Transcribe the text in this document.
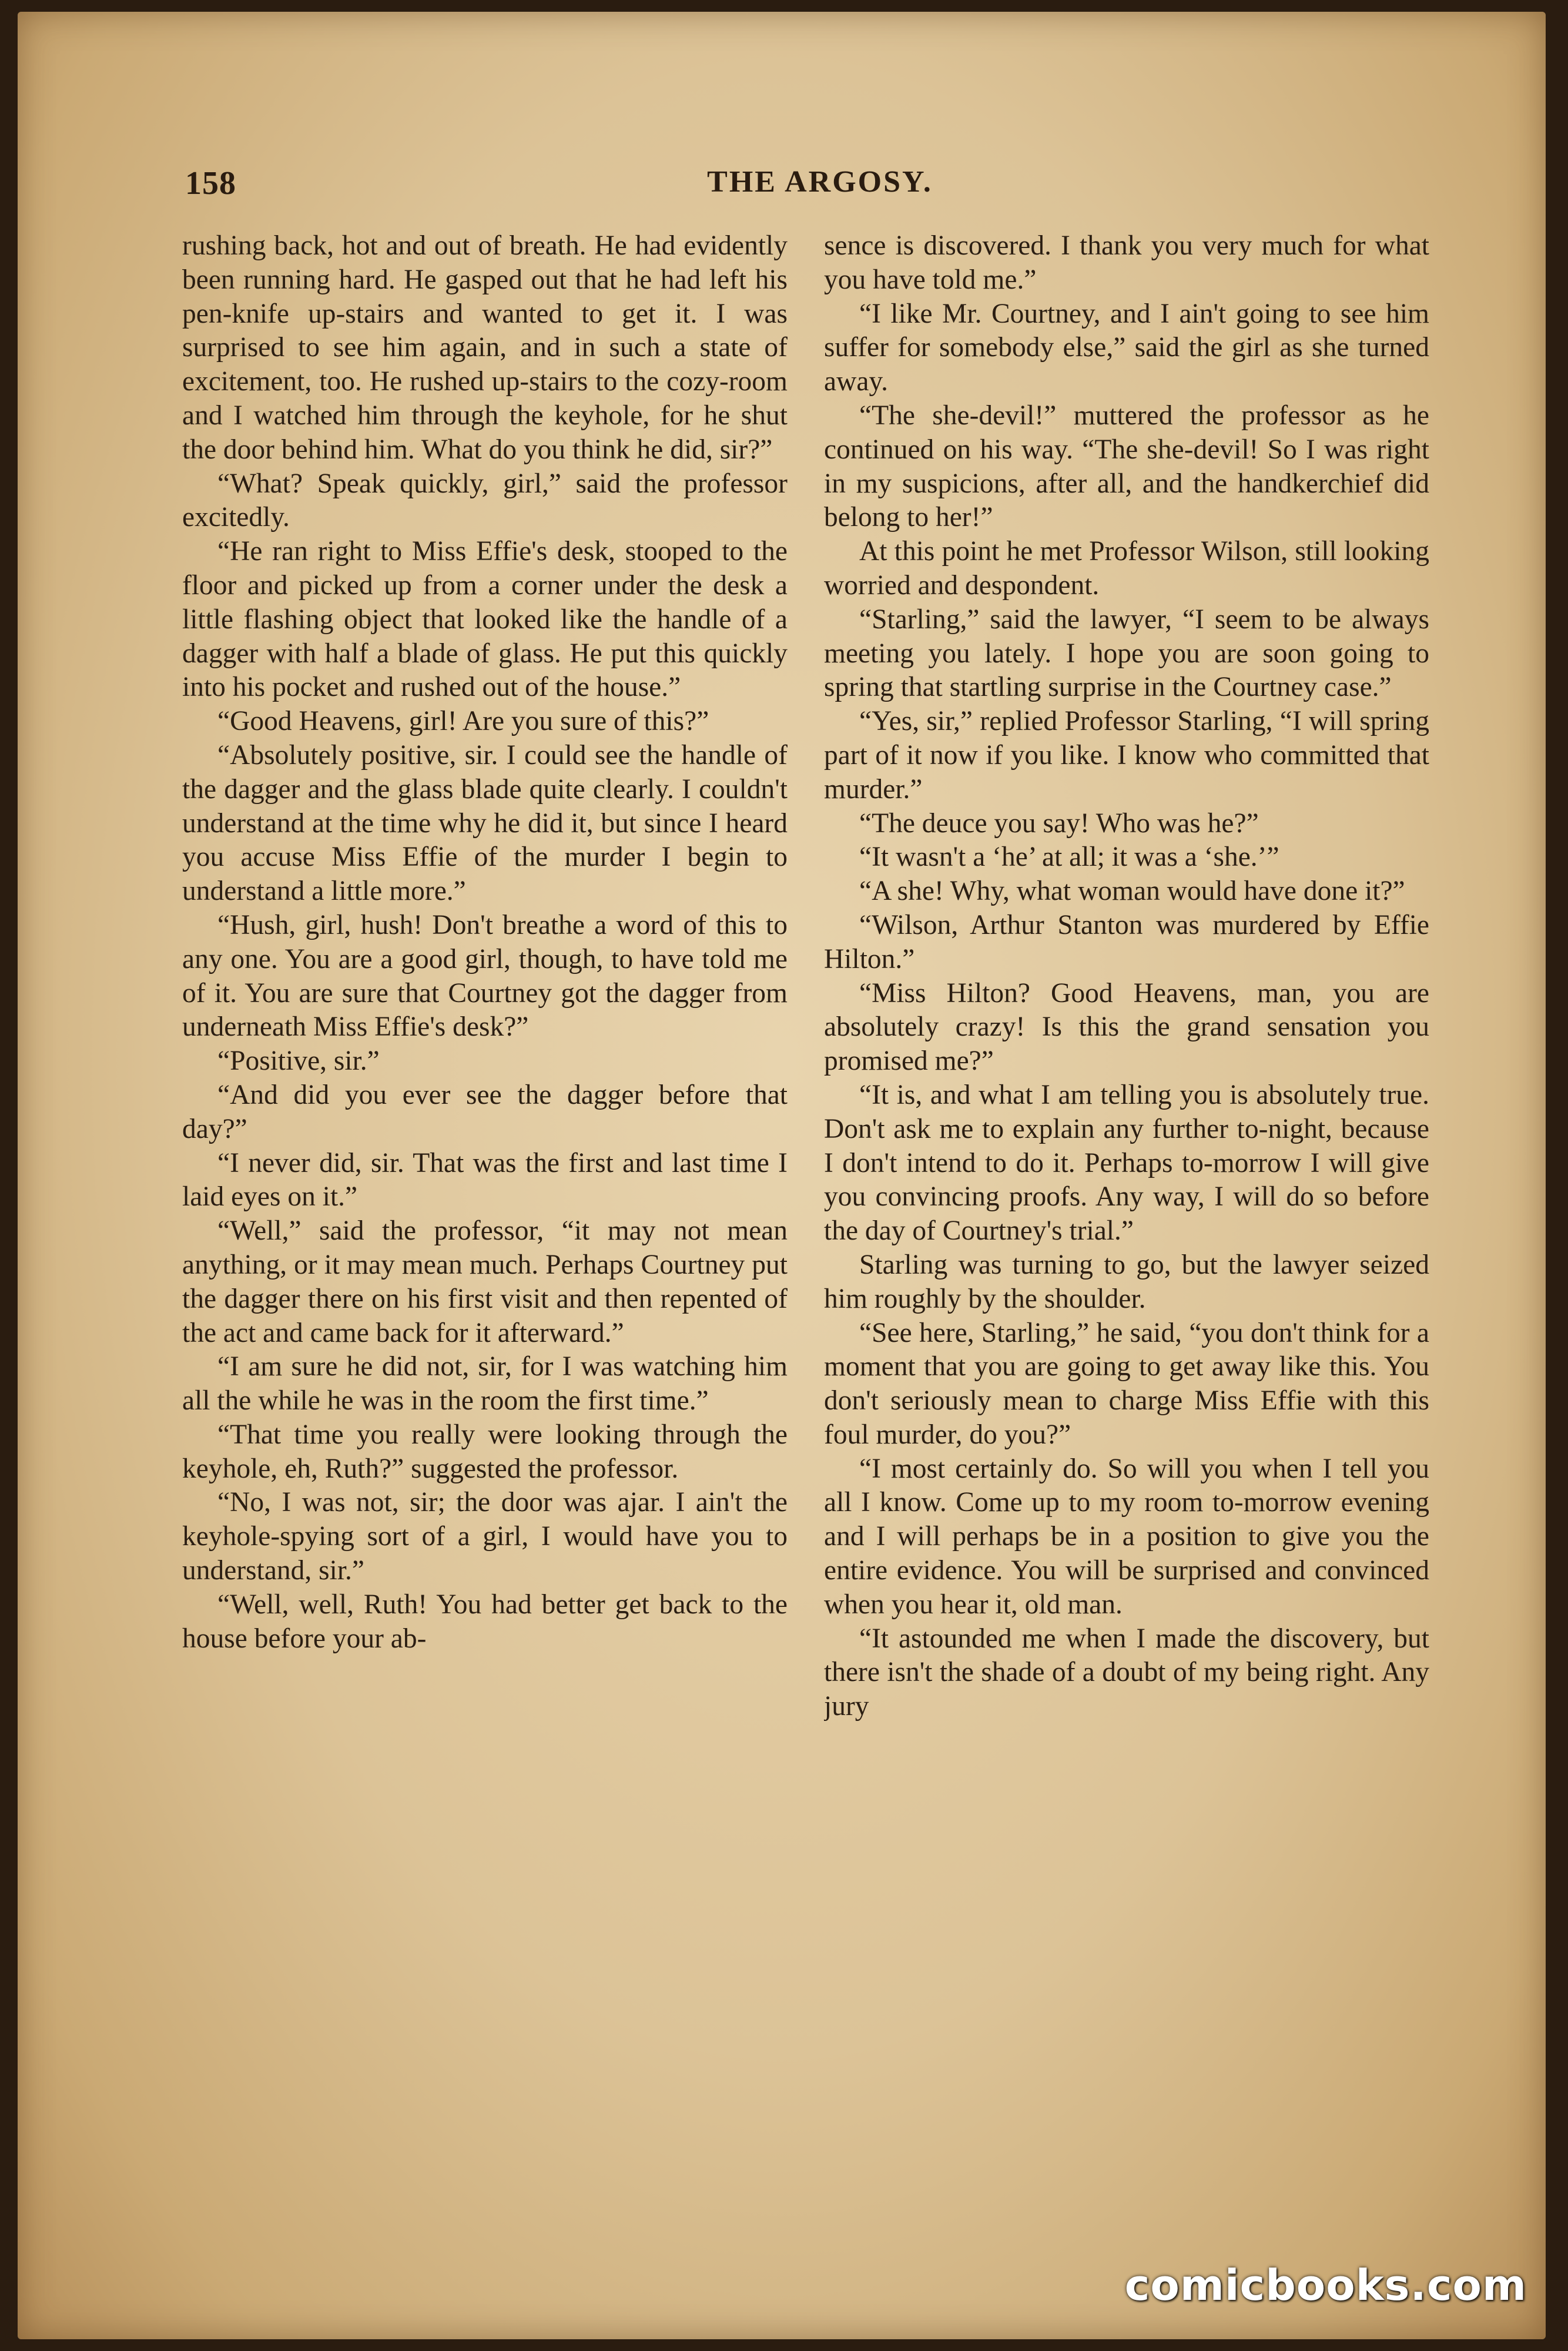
158	THE ARGOSY.

rushing back, hot and out of breath. He had evidently been running hard. He gasped out that he had left his pen-knife up-stairs and wanted to get it. I was surprised to see him again, and in such a state of excitement, too. He rushed up-stairs to the cozy-room and I watched him through the keyhole, for he shut the door behind him. What do you think he did, sir?”

“What? Speak quickly, girl,” said the professor excitedly.

“He ran right to Miss Effie's desk, stooped to the floor and picked up from a corner under the desk a little flashing object that looked like the handle of a dagger with half a blade of glass. He put this quickly into his pocket and rushed out of the house.”

“Good Heavens, girl! Are you sure of this?”

“Absolutely positive, sir. I could see the handle of the dagger and the glass blade quite clearly. I couldn't understand at the time why he did it, but since I heard you accuse Miss Effie of the murder I begin to understand a little more.”

“Hush, girl, hush! Don't breathe a word of this to any one. You are a good girl, though, to have told me of it. You are sure that Courtney got the dagger from underneath Miss Effie's desk?”

“Positive, sir.”

“And did you ever see the dagger before that day?”

“I never did, sir. That was the first and last time I laid eyes on it.”

“Well,” said the professor, “it may not mean anything, or it may mean much. Perhaps Courtney put the dagger there on his first visit and then repented of the act and came back for it afterward.”

“I am sure he did not, sir, for I was watching him all the while he was in the room the first time.”

“That time you really were looking through the keyhole, eh, Ruth?” suggested the professor.

“No, I was not, sir; the door was ajar. I ain't the keyhole-spying sort of a girl, I would have you to understand, sir.”

“Well, well, Ruth! You had better get back to the house before your ab-

sence is discovered. I thank you very much for what you have told me.”

“I like Mr. Courtney, and I ain't going to see him suffer for somebody else,” said the girl as she turned away.

“The she-devil!” muttered the professor as he continued on his way. “The she-devil! So I was right in my suspicions, after all, and the handkerchief did belong to her!”

At this point he met Professor Wilson, still looking worried and despondent.

“Starling,” said the lawyer, “I seem to be always meeting you lately. I hope you are soon going to spring that startling surprise in the Courtney case.”

“Yes, sir,” replied Professor Starling, “I will spring part of it now if you like. I know who committed that murder.”

“The deuce you say! Who was he?”

“It wasn't a ‘he’ at all; it was a ‘she.’”

“A she! Why, what woman would have done it?”

“Wilson, Arthur Stanton was murdered by Effie Hilton.”

“Miss Hilton? Good Heavens, man, you are absolutely crazy! Is this the grand sensation you promised me?”

“It is, and what I am telling you is absolutely true. Don't ask me to explain any further to-night, because I don't intend to do it. Perhaps to-morrow I will give you convincing proofs. Any way, I will do so before the day of Courtney's trial.”

Starling was turning to go, but the lawyer seized him roughly by the shoulder.

“See here, Starling,” he said, “you don't think for a moment that you are going to get away like this. You don't seriously mean to charge Miss Effie with this foul murder, do you?”

“I most certainly do. So will you when I tell you all I know. Come up to my room to-morrow evening and I will perhaps be in a position to give you the entire evidence. You will be surprised and convinced when you hear it, old man.

“It astounded me when I made the discovery, but there isn't the shade of a doubt of my being right. Any jury

comicbooks.com
